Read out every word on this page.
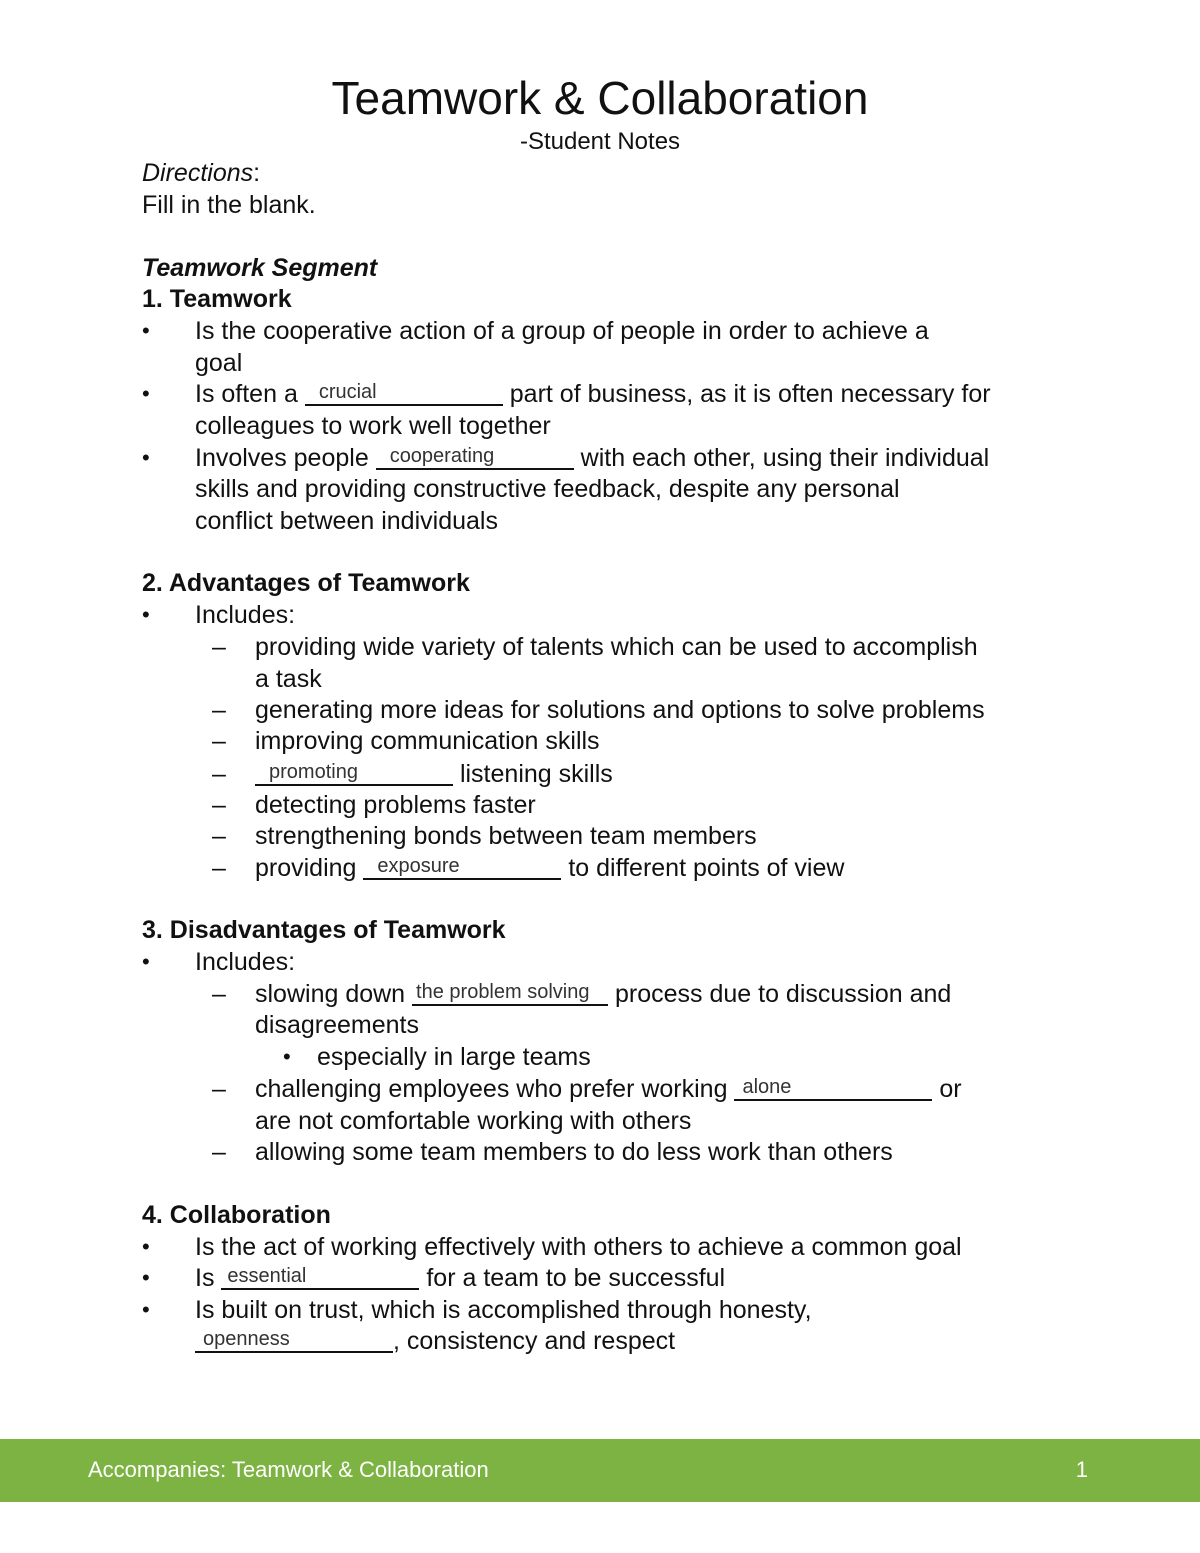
Teamwork & Collaboration
-Student Notes
Directions:
Fill in the blank.
Teamwork Segment
1. Teamwork
• Is the cooperative action of a group of people in order to achieve a
goal
• Is often a crucial	part of business, as it is often necessary for
colleagues to work well together
• Involves people cooperating	with each other, using their individual
skills and providing constructive feedback, despite any personal
conflict between individuals
2. Advantages of Teamwork
• Includes:
– providing wide variety of talents which can be used to accomplish
a task
– generating more ideas for solutions and options to solve problems
– improving communication skills
– promoting	listening skills
– detecting problems faster
– strengthening bonds between team members
– providing exposure	to different points of view
3. Disadvantages of Teamwork
• Includes:
– slowing down the problem solving process due to discussion and
disagreements
• especially in large teams
– challenging employees who prefer working alone	or
are not comfortable working with others
– allowing some team members to do less work than others
4. Collaboration
• Is the act of working effectively with others to achieve a common goal
• Is essential	for a team to be successful
• Is built on trust, which is accomplished through honesty,
openness	, consistency and respect
Accompanies: Teamwork & Collaboration	1
